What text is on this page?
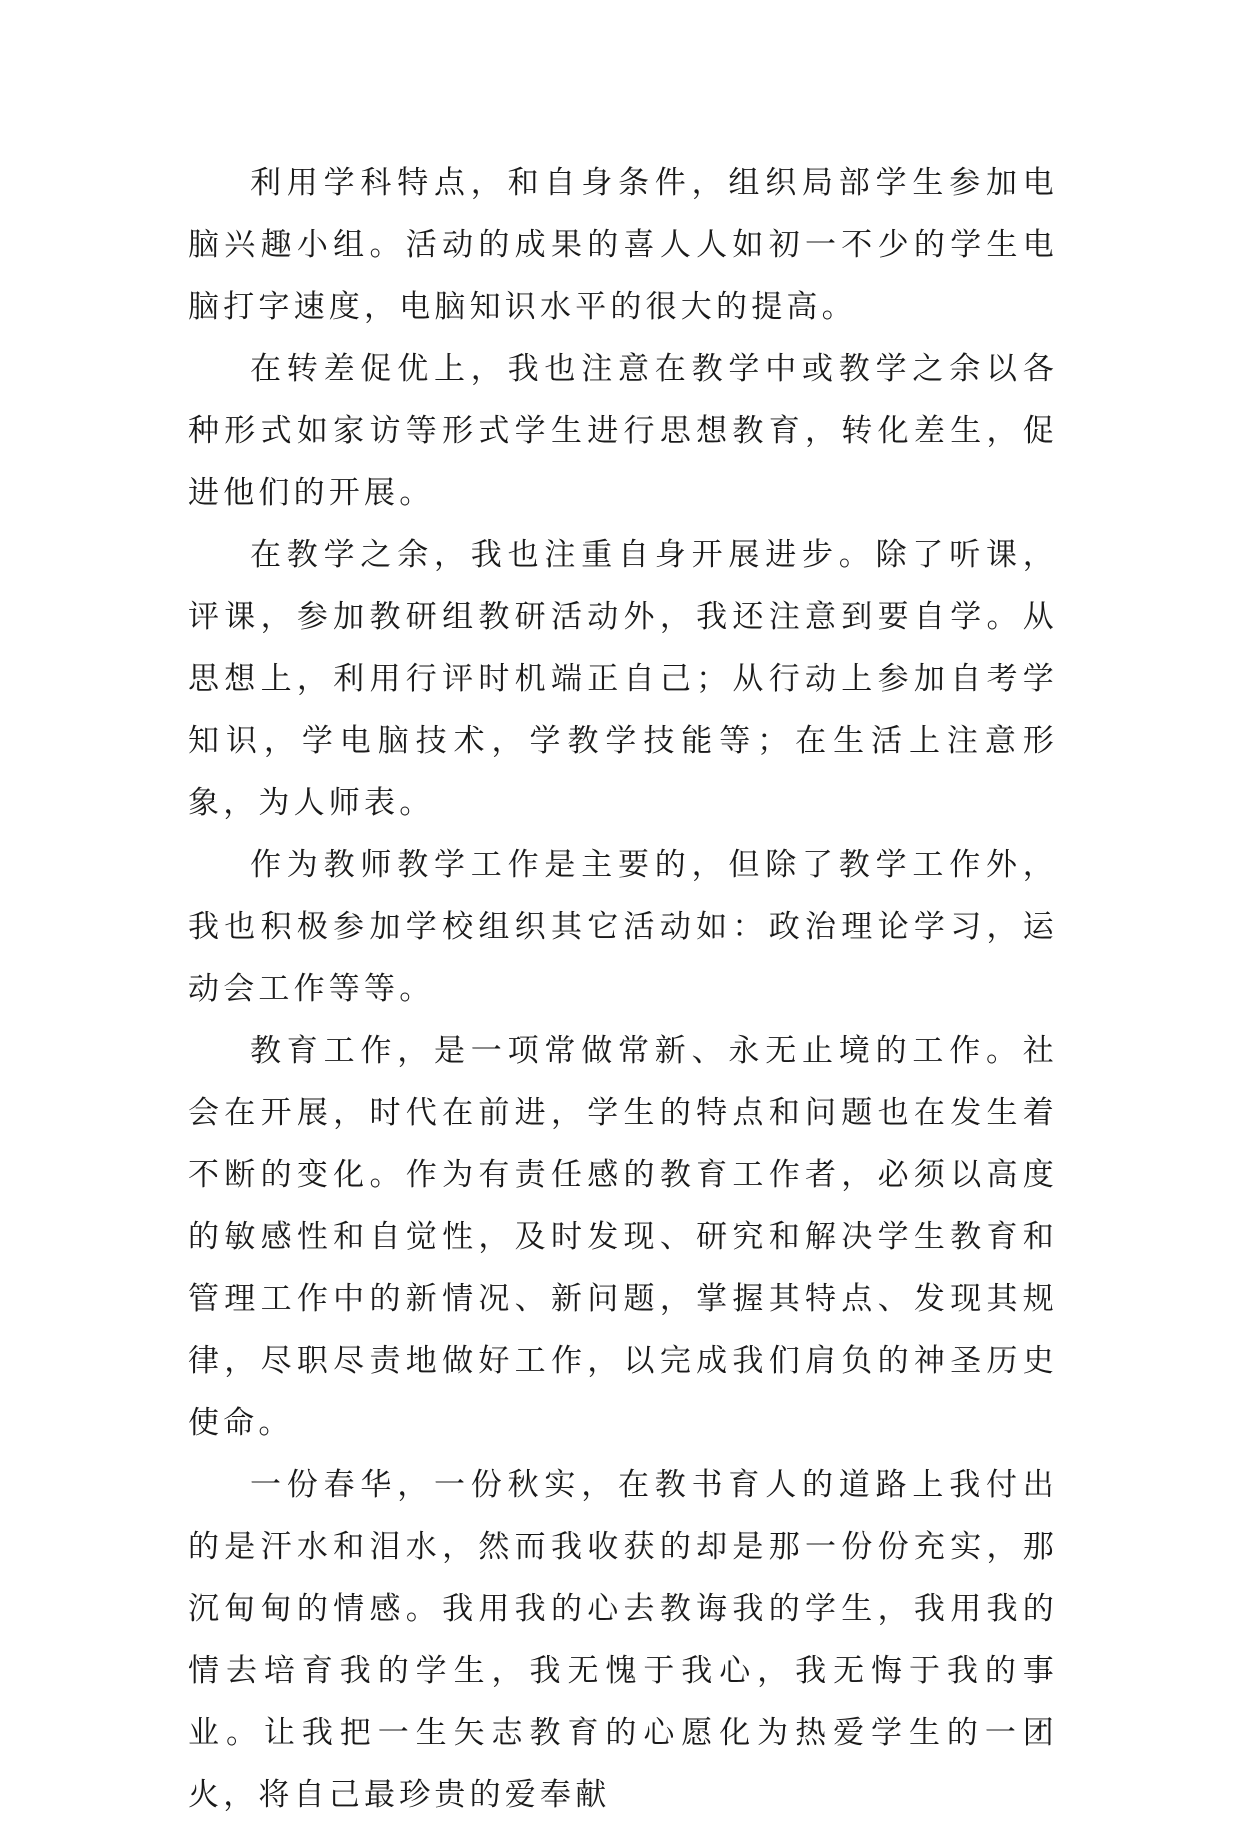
利用学科特点，和自身条件，组织局部学生参加电脑兴趣小组。活动的成果的喜人人如初一不少的学生电脑打字速度，电脑知识水平的很大的提高。

在转差促优上，我也注意在教学中或教学之余以各种形式如家访等形式学生进行思想教育，转化差生，促进他们的开展。

在教学之余，我也注重自身开展进步。除了听课，评课，参加教研组教研活动外，我还注意到要自学。从思想上，利用行评时机端正自己；从行动上参加自考学知识，学电脑技术，学教学技能等；在生活上注意形象，为人师表。

作为教师教学工作是主要的，但除了教学工作外，我也积极参加学校组织其它活动如：政治理论学习，运动会工作等等。

教育工作，是一项常做常新、永无止境的工作。社会在开展，时代在前进，学生的特点和问题也在发生着不断的变化。作为有责任感的教育工作者，必须以高度的敏感性和自觉性，及时发现、研究和解决学生教育和管理工作中的新情况、新问题，掌握其特点、发现其规律，尽职尽责地做好工作，以完成我们肩负的神圣历史使命。

一份春华，一份秋实，在教书育人的道路上我付出的是汗水和泪水，然而我收获的却是那一份份充实，那沉甸甸的情感。我用我的心去教诲我的学生，我用我的情去培育我的学生，我无愧于我心，我无悔于我的事业。让我把一生矢志教育的心愿化为热爱学生的一团火，将自己最珍贵的爱奉献
